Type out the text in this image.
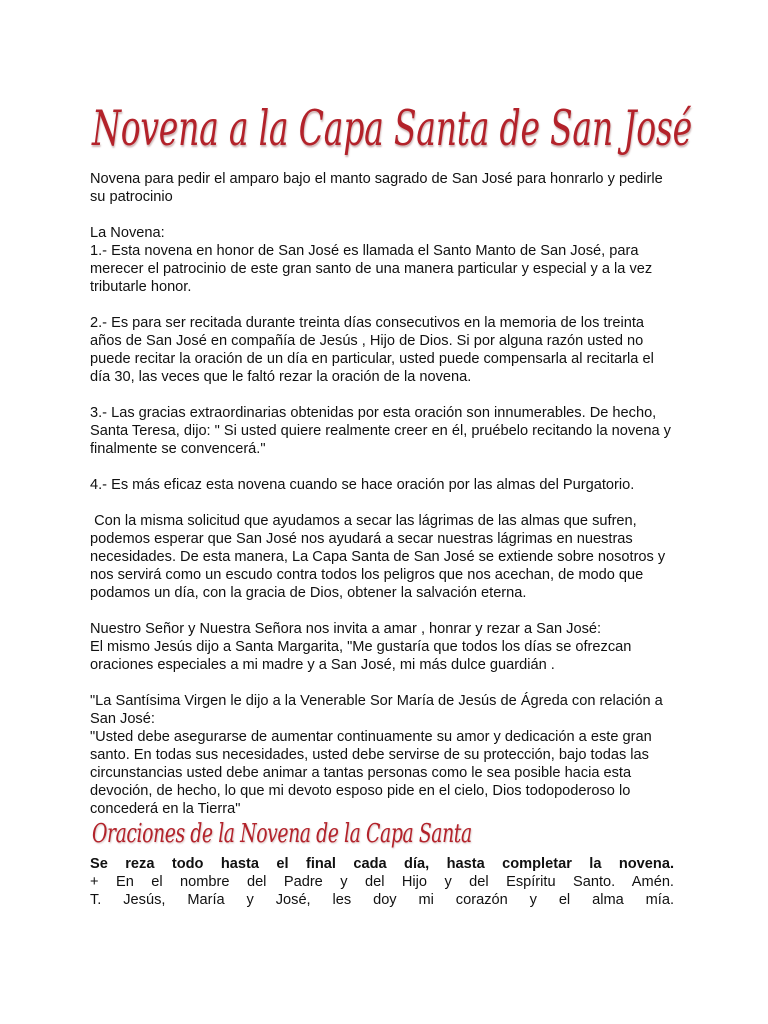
Novena a la Capa Santa de San José

Novena para pedir el amparo bajo el manto sagrado de San José para honrarlo y pedirle su patrocinio

La Novena:

1.- Esta novena en honor de San José es llamada el Santo Manto de San José, para merecer el patrocinio de este gran santo de una manera particular y especial y a la vez tributarle honor.

2.- Es para ser recitada durante treinta días consecutivos en la memoria de los treinta años de San José en compañía de Jesús , Hijo de Dios. Si por alguna razón usted no puede recitar la oración de un día en particular, usted puede compensarla al recitarla el día 30, las veces que le faltó rezar la oración de la novena.

3.- Las gracias extraordinarias obtenidas por esta oración son innumerables. De hecho, Santa Teresa, dijo: " Si usted quiere realmente creer en él, pruébelo recitando la novena y finalmente se convencerá."

4.- Es más eficaz esta novena cuando se hace oración por las almas del Purgatorio.

Con la misma solicitud que ayudamos a secar las lágrimas de las almas que sufren, podemos esperar que San José nos ayudará a secar nuestras lágrimas en nuestras necesidades. De esta manera, La Capa Santa de San José se extiende sobre nosotros y nos servirá como un escudo contra todos los peligros que nos acechan, de modo que podamos un día, con la gracia de Dios, obtener la salvación eterna.

Nuestro Señor y Nuestra Señora nos invita a amar , honrar y rezar a San José:

El mismo Jesús dijo a Santa Margarita, "Me gustaría que todos los días se ofrezcan oraciones especiales a mi madre y a San José, mi más dulce guardián .

"La Santísima Virgen le dijo a la Venerable Sor María de Jesús de Ágreda con relación a San José:

"Usted debe asegurarse de aumentar continuamente su amor y dedicación a este gran santo. En todas sus necesidades, usted debe servirse de su protección, bajo todas las circunstancias usted debe animar a tantas personas como le sea posible hacia esta devoción, de hecho, lo que mi devoto esposo pide en el cielo, Dios todopoderoso lo concederá en la Tierra"

Oraciones de la Novena de la Capa Santa

Se reza todo hasta el final cada día, hasta completar la novena.

+ En el nombre del Padre y del Hijo y del Espíritu Santo. Amén.

T. Jesús, María y José, les doy mi corazón y el alma mía.
